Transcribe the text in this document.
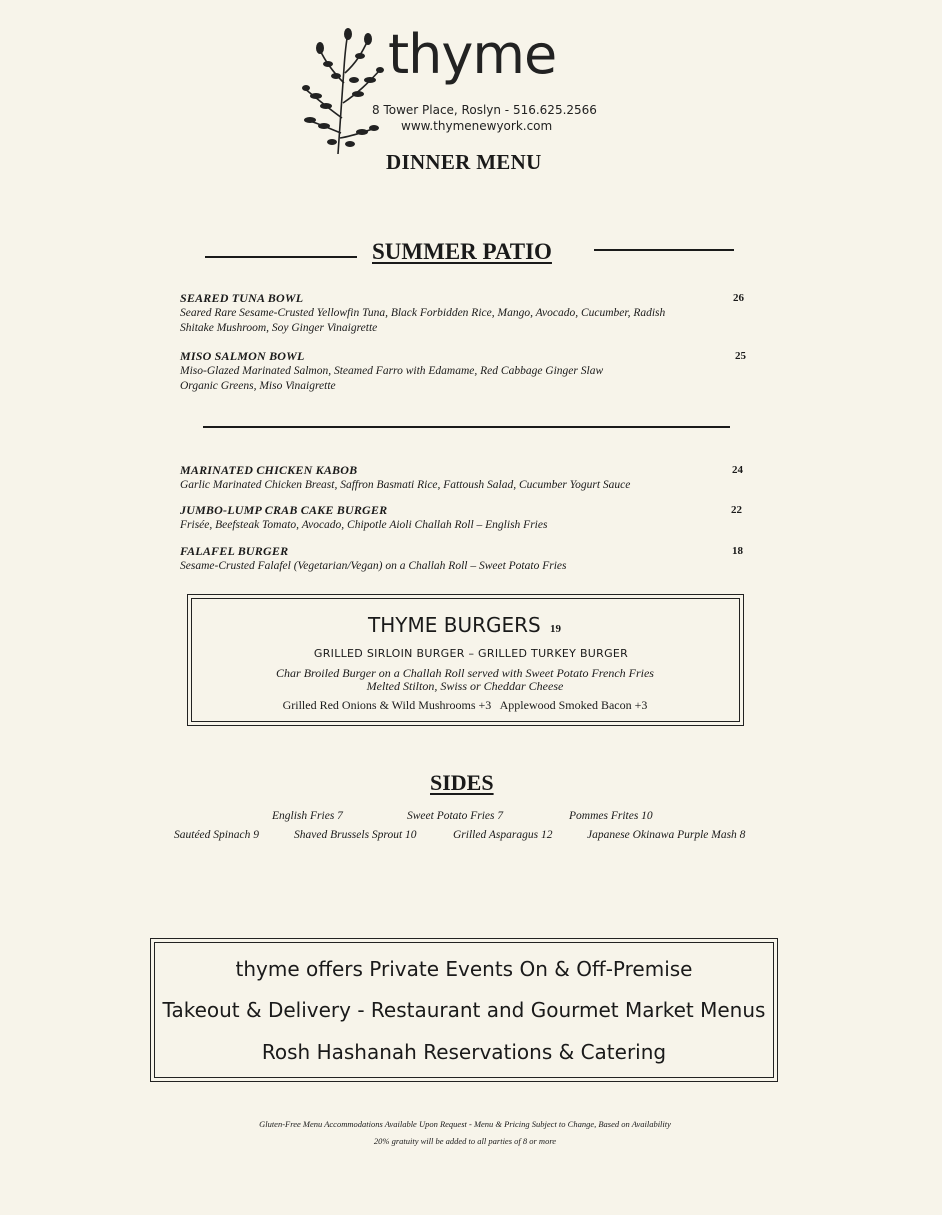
thyme
8 Tower Place, Roslyn - 516.625.2566
www.thymenewyork.com
DINNER MENU
SUMMER PATIO
SEARED TUNA BOWL
Seared Rare Sesame-Crusted Yellowfin Tuna, Black Forbidden Rice, Mango, Avocado, Cucumber, Radish
Shitake Mushroom, Soy Ginger Vinaigrette
26
MISO SALMON BOWL
Miso-Glazed Marinated Salmon, Steamed Farro with Edamame, Red Cabbage Ginger Slaw
Organic Greens, Miso Vinaigrette
25
MARINATED CHICKEN KABOB
Garlic Marinated Chicken Breast, Saffron Basmati Rice, Fattoush Salad, Cucumber Yogurt Sauce
24
JUMBO-LUMP CRAB CAKE BURGER
Frisée, Beefsteak Tomato, Avocado, Chipotle Aioli Challah Roll – English Fries
22
FALAFEL BURGER
Sesame-Crusted Falafel (Vegetarian/Vegan) on a Challah Roll – Sweet Potato Fries
18
THYME BURGERS 19
GRILLED SIRLOIN BURGER – GRILLED TURKEY BURGER
Char Broiled Burger on a Challah Roll served with Sweet Potato French Fries
Melted Stilton, Swiss or Cheddar Cheese
Grilled Red Onions & Wild Mushrooms +3   Applewood Smoked Bacon +3
SIDES
English Fries 7	Sweet Potato Fries 7	Pommes Frites 10
Sautéed Spinach 9	Shaved Brussels Sprout 10	Grilled Asparagus 12	Japanese Okinawa Purple Mash 8
thyme offers Private Events On & Off-Premise
Takeout & Delivery - Restaurant and Gourmet Market Menus
Rosh Hashanah Reservations & Catering
Gluten-Free Menu Accommodations Available Upon Request - Menu & Pricing Subject to Change, Based on Availability
20% gratuity will be added to all parties of 8 or more
